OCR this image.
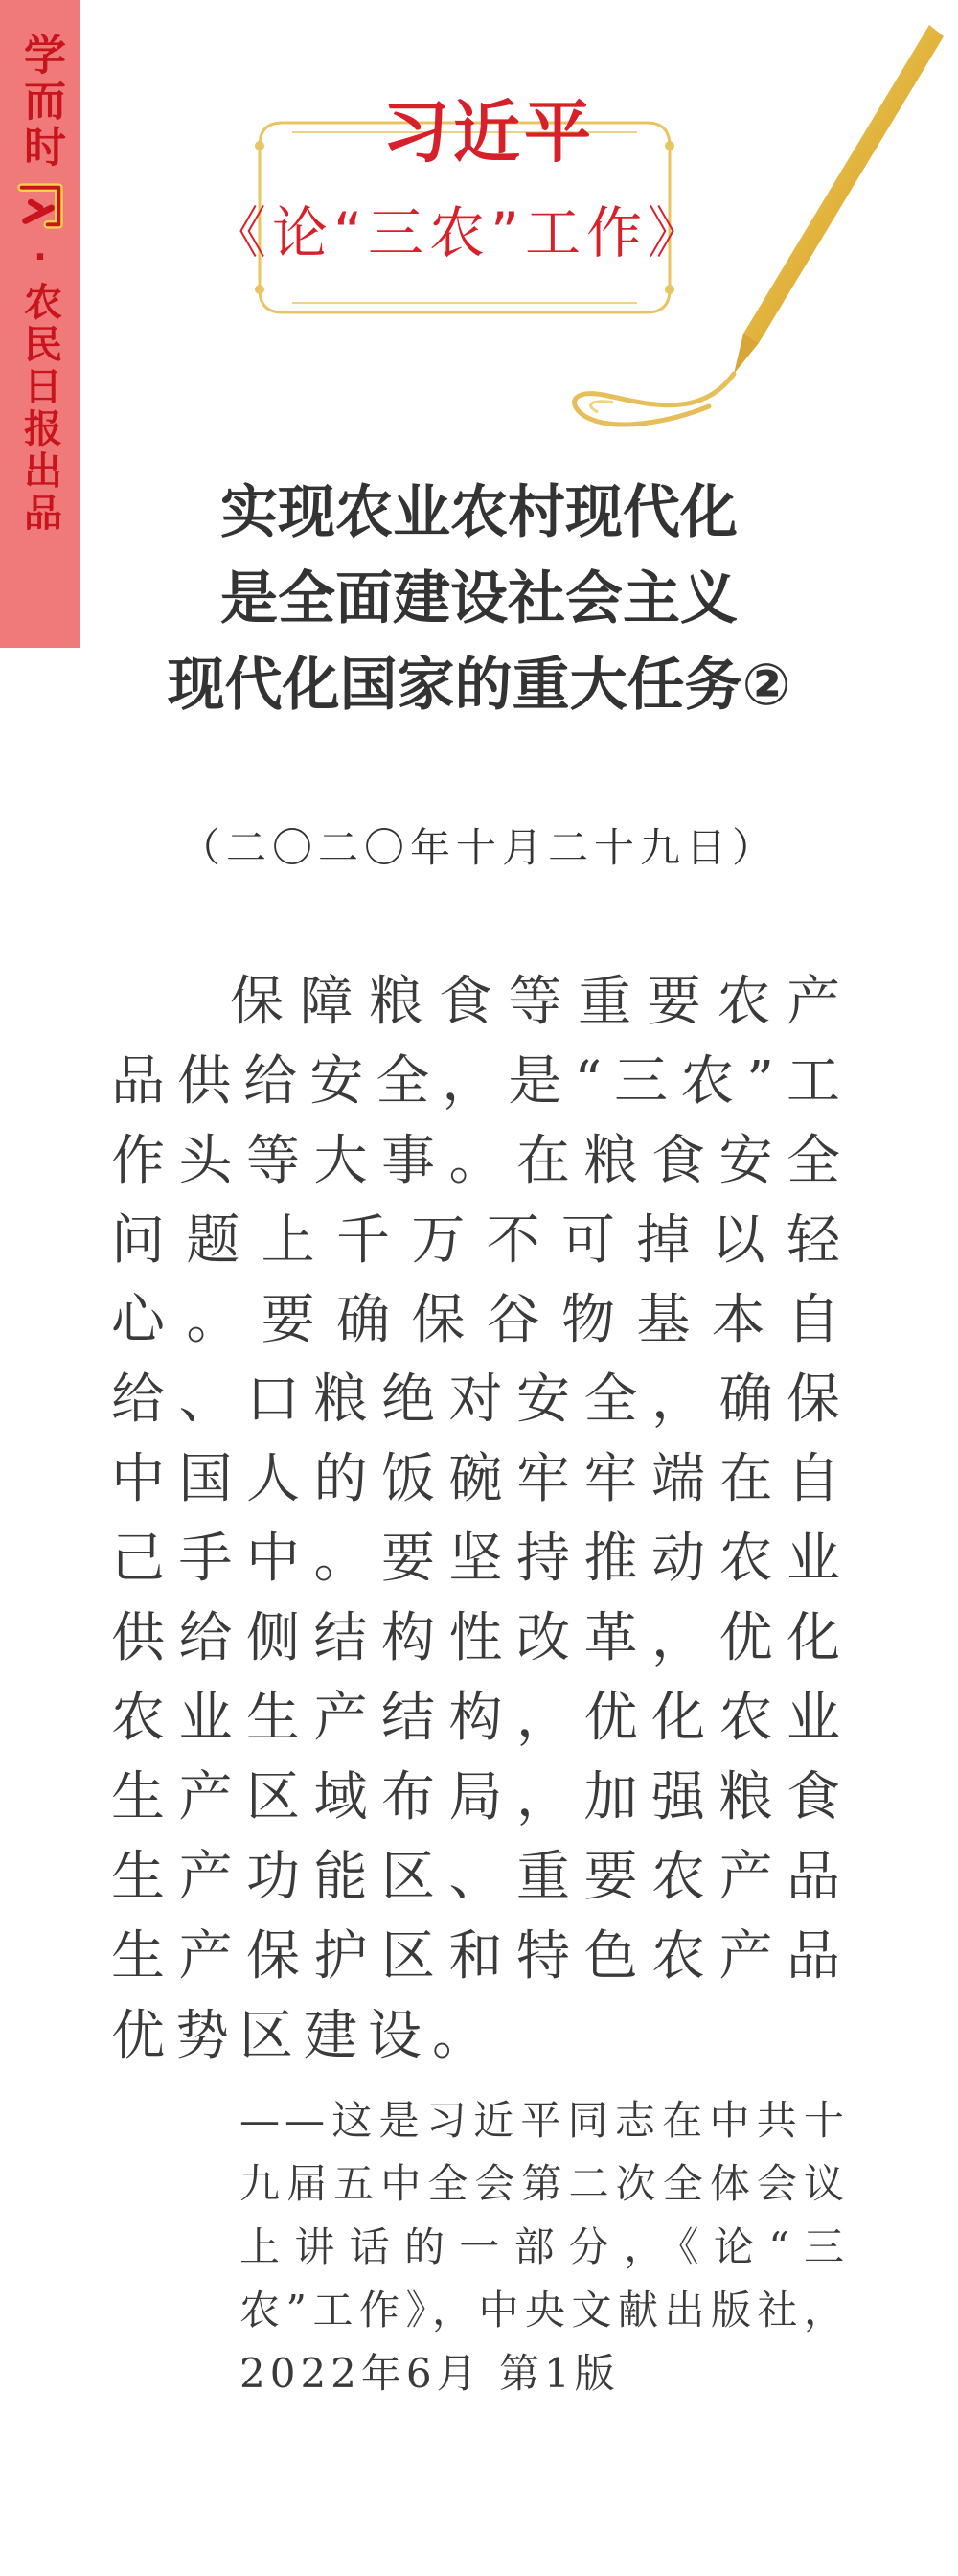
学而时
·
农民日报出品
习近平
《论“三农”工作》
实现农业农村现代化
是全面建设社会主义
现代化国家的重大任务②
（二〇二〇年十月二十九日）

保障粮食等重要农产品供给安全，是“三农”工作头等大事。在粮食安全问题上千万不可掉以轻心。要确保谷物基本自给、口粮绝对安全，确保中国人的饭碗牢牢端在自己手中。要坚持推动农业供给侧结构性改革，优化农业生产结构，优化农业生产区域布局，加强粮食生产功能区、重要农产品生产保护区和特色农产品优势区建设。

——这是习近平同志在中共十九届五中全会第二次全体会议上讲话的一部分，《论“三农”工作》，中央文献出版社，2022年6月 第1版
